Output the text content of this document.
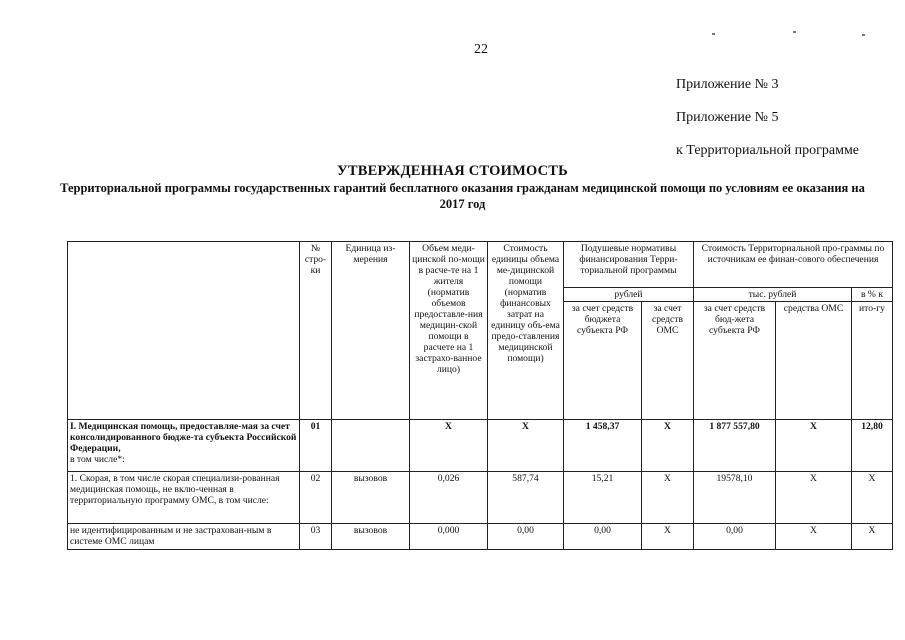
22
Приложение № 3
Приложение № 5
к Территориальной программе
УТВЕРЖДЕННАЯ СТОИМОСТЬ
Территориальной программы государственных гарантий бесплатного оказания гражданам медицинской помощи по условиям ее оказания на 2017 год
	№ стро-ки	Единица из-мерения	Объем меди-цинской по-мощи в расче-те на 1 жителя (норматив объемов предоставле-ния медицин-ской помощи в расчете на 1 застрахо-ванное лицо)	Стоимость единицы объема ме-дицинской помощи (норматив финансовых затрат на единицу объ-ема предо-ставления медицинской помощи)	Подушевые нормативы финансирования Терри-ториальной программы		Стоимость Территориальной про-граммы по источникам ее финан-сового обеспечения		
					рублей		тыс. рублей		в % к
					за счет средств бюджета субъекта РФ	за счет средств ОМС	за счет средств бюд-жета субъекта РФ	средства ОМС	ито-гу
I. Медицинская помощь, предоставляе-мая за счет консолидированного бюдже-та субъекта Российской Федерации,
в том числе*:	01		X	X	1 458,37	X	1 877 557,80	X	12,80
1. Скорая, в том числе скорая специализи-рованная медицинская помощь, не вклю-ченная в территориальную программу ОМС, в том числе:	02	вызовов	0,026	587,74	15,21	X	19578,10	X	X
не идентифицированным и не застрахован-ным в системе ОМС лицам	03	вызовов	0,000	0,00	0,00	X	0,00	X	X
